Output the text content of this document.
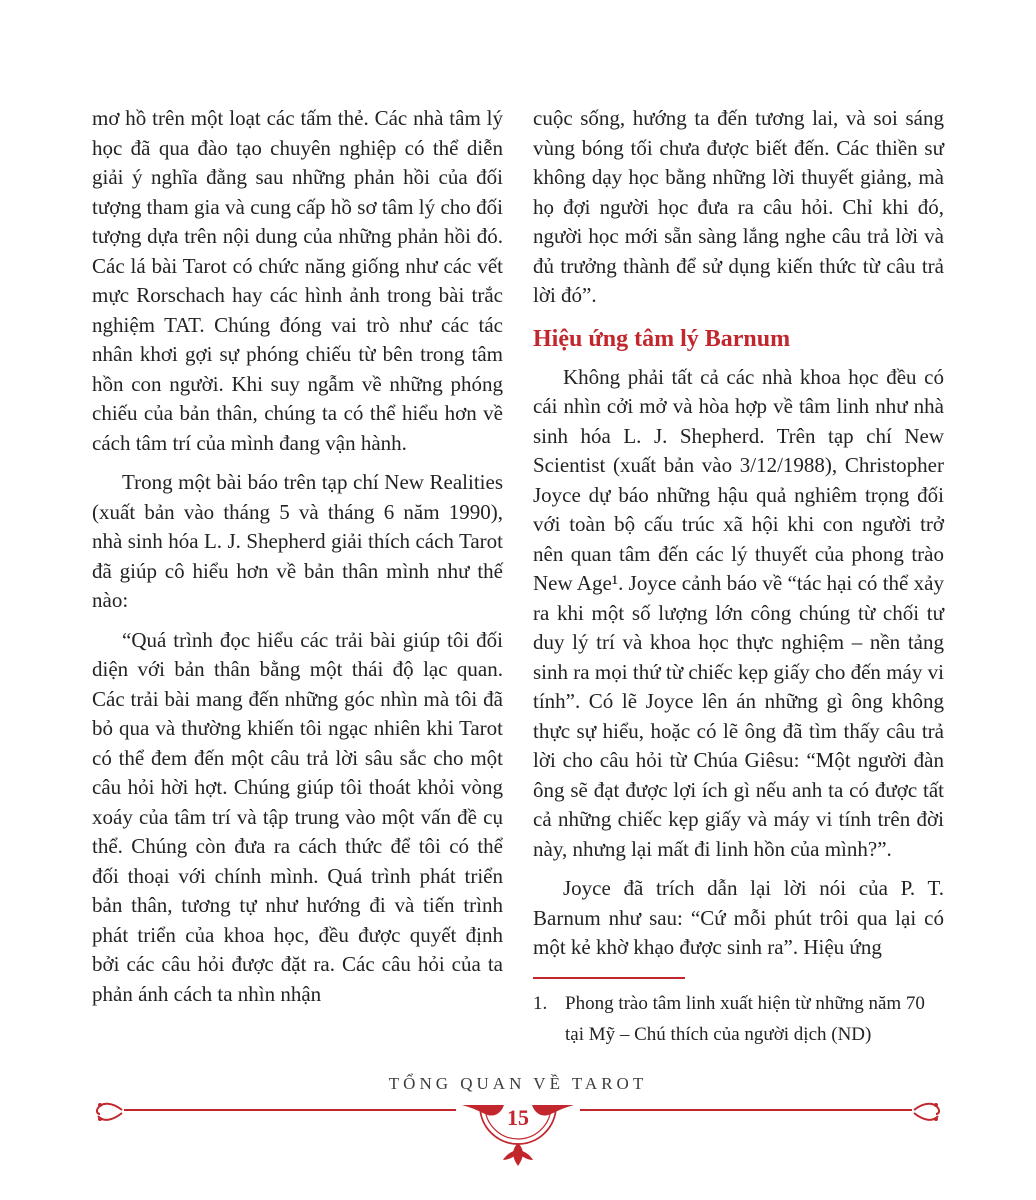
mơ hồ trên một loạt các tấm thẻ. Các nhà tâm lý học đã qua đào tạo chuyên nghiệp có thể diễn giải ý nghĩa đằng sau những phản hồi của đối tượng tham gia và cung cấp hồ sơ tâm lý cho đối tượng dựa trên nội dung của những phản hồi đó. Các lá bài Tarot có chức năng giống như các vết mực Rorschach hay các hình ảnh trong bài trắc nghiệm TAT. Chúng đóng vai trò như các tác nhân khơi gợi sự phóng chiếu từ bên trong tâm hồn con người. Khi suy ngẫm về những phóng chiếu của bản thân, chúng ta có thể hiểu hơn về cách tâm trí của mình đang vận hành.

Trong một bài báo trên tạp chí New Realities (xuất bản vào tháng 5 và tháng 6 năm 1990), nhà sinh hóa L. J. Shepherd giải thích cách Tarot đã giúp cô hiểu hơn về bản thân mình như thế nào:

“Quá trình đọc hiểu các trải bài giúp tôi đối diện với bản thân bằng một thái độ lạc quan. Các trải bài mang đến những góc nhìn mà tôi đã bỏ qua và thường khiến tôi ngạc nhiên khi Tarot có thể đem đến một câu trả lời sâu sắc cho một câu hỏi hời hợt. Chúng giúp tôi thoát khỏi vòng xoáy của tâm trí và tập trung vào một vấn đề cụ thể. Chúng còn đưa ra cách thức để tôi có thể đối thoại với chính mình. Quá trình phát triển bản thân, tương tự như hướng đi và tiến trình phát triển của khoa học, đều được quyết định bởi các câu hỏi được đặt ra. Các câu hỏi của ta phản ánh cách ta nhìn nhận

cuộc sống, hướng ta đến tương lai, và soi sáng vùng bóng tối chưa được biết đến. Các thiền sư không dạy học bằng những lời thuyết giảng, mà họ đợi người học đưa ra câu hỏi. Chỉ khi đó, người học mới sẵn sàng lắng nghe câu trả lời và đủ trưởng thành để sử dụng kiến thức từ câu trả lời đó”.

Hiệu ứng tâm lý Barnum

Không phải tất cả các nhà khoa học đều có cái nhìn cởi mở và hòa hợp về tâm linh như nhà sinh hóa L. J. Shepherd. Trên tạp chí New Scientist (xuất bản vào 3/12/1988), Christopher Joyce dự báo những hậu quả nghiêm trọng đối với toàn bộ cấu trúc xã hội khi con người trở nên quan tâm đến các lý thuyết của phong trào New Age¹. Joyce cảnh báo về “tác hại có thể xảy ra khi một số lượng lớn công chúng từ chối tư duy lý trí và khoa học thực nghiệm – nền tảng sinh ra mọi thứ từ chiếc kẹp giấy cho đến máy vi tính”. Có lẽ Joyce lên án những gì ông không thực sự hiểu, hoặc có lẽ ông đã tìm thấy câu trả lời cho câu hỏi từ Chúa Giêsu: “Một người đàn ông sẽ đạt được lợi ích gì nếu anh ta có được tất cả những chiếc kẹp giấy và máy vi tính trên đời này, nhưng lại mất đi linh hồn của mình?”.

Joyce đã trích dẫn lại lời nói của P. T. Barnum như sau: “Cứ mỗi phút trôi qua lại có một kẻ khờ khạo được sinh ra”. Hiệu ứng

1. Phong trào tâm linh xuất hiện từ những năm 70 tại Mỹ – Chú thích của người dịch (ND)
TỔNG QUAN VỀ TAROT
15
